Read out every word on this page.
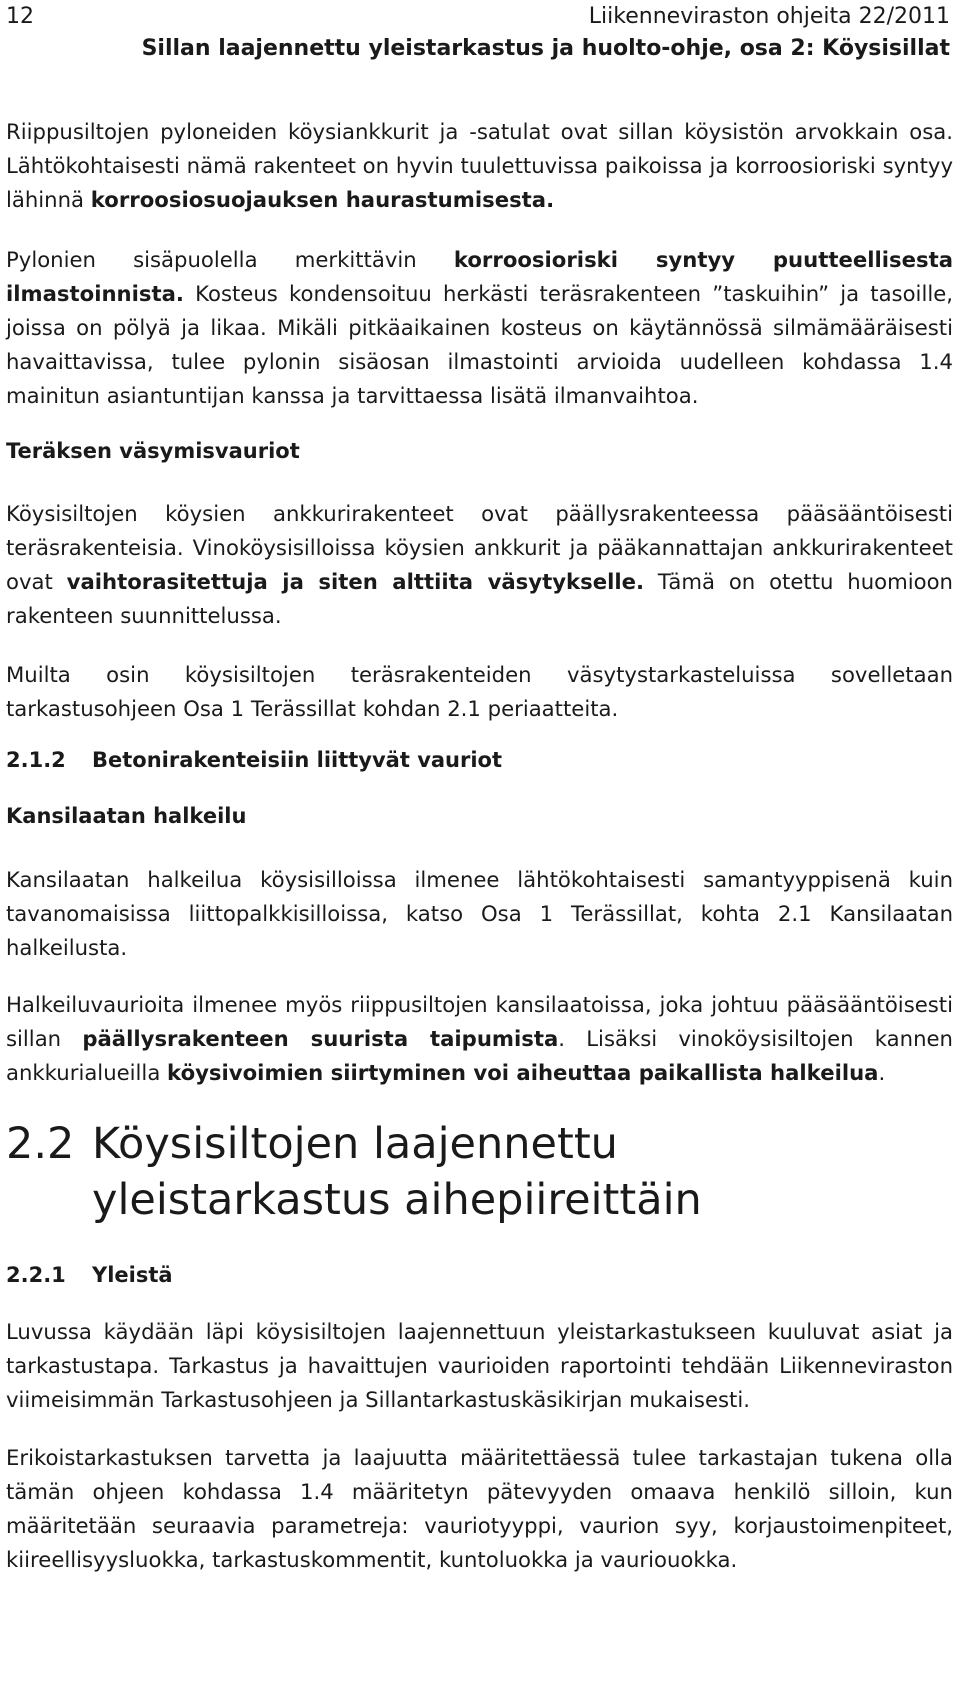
12	Liikenneviraston ohjeita 22/2011
Sillan laajennettu yleistarkastus ja huolto-ohje, osa 2: Köysisillat

Riippusiltojen pyloneiden köysiankkurit ja -satulat ovat sillan köysistön arvokkain osa. Lähtökohtaisesti nämä rakenteet on hyvin tuulettuvissa paikoissa ja korroosioriski syntyy lähinnä korroosiosuojauksen haurastumisesta.

Pylonien sisäpuolella merkittävin korroosioriski syntyy puutteellisesta ilmastoinnista. Kosteus kondensoituu herkästi teräsrakenteen ”taskuihin” ja tasoille, joissa on pölyä ja likaa. Mikäli pitkäaikainen kosteus on käytännössä silmämääräisesti havaittavissa, tulee pylonin sisäosan ilmastointi arvioida uudelleen kohdassa 1.4 mainitun asiantuntijan kanssa ja tarvittaessa lisätä ilmanvaihtoa.

Teräksen väsymisvauriot

Köysisiltojen köysien ankkurirakenteet ovat päällysrakenteessa pääsääntöisesti teräsrakenteisia. Vinoköysisilloissa köysien ankkurit ja pääkannattajan ankkurirakenteet ovat vaihtorasitettuja ja siten alttiita väsytykselle. Tämä on otettu huomioon rakenteen suunnittelussa.

Muilta osin köysisiltojen teräsrakenteiden väsytystarkasteluissa sovelletaan tarkastusohjeen Osa 1 Terässillat kohdan 2.1 periaatteita.

2.1.2 Betonirakenteisiin liittyvät vauriot
Kansilaatan halkeilu

Kansilaatan halkeilua köysisilloissa ilmenee lähtökohtaisesti samantyyppisenä kuin tavanomaisissa liittopalkkisilloissa, katso Osa 1 Terässillat, kohta 2.1 Kansilaatan halkeilusta.

Halkeiluvaurioita ilmenee myös riippusiltojen kansilaatoissa, joka johtuu pääsääntöisesti sillan päällysrakenteen suurista taipumista. Lisäksi vinoköysisiltojen kannen ankkurialueilla köysivoimien siirtyminen voi aiheuttaa paikallista halkeilua.

2.2 Köysisiltojen laajennettu yleistarkastus aihepiireittäin
2.2.1 Yleistä

Luvussa käydään läpi köysisiltojen laajennettuun yleistarkastukseen kuuluvat asiat ja tarkastustapa. Tarkastus ja havaittujen vaurioiden raportointi tehdään Liikenneviraston viimeisimmän Tarkastusohjeen ja Sillantarkastuskäsikirjan mukaisesti.

Erikoistarkastuksen tarvetta ja laajuutta määritettäessä tulee tarkastajan tukena olla tämän ohjeen kohdassa 1.4 määritetyn pätevyyden omaava henkilö silloin, kun määritetään seuraavia parametreja: vauriotyyppi, vaurion syy, korjaustoimenpiteet, kiireellisyysluokka, tarkastuskommentit, kuntoluokka ja vauriouokka.
